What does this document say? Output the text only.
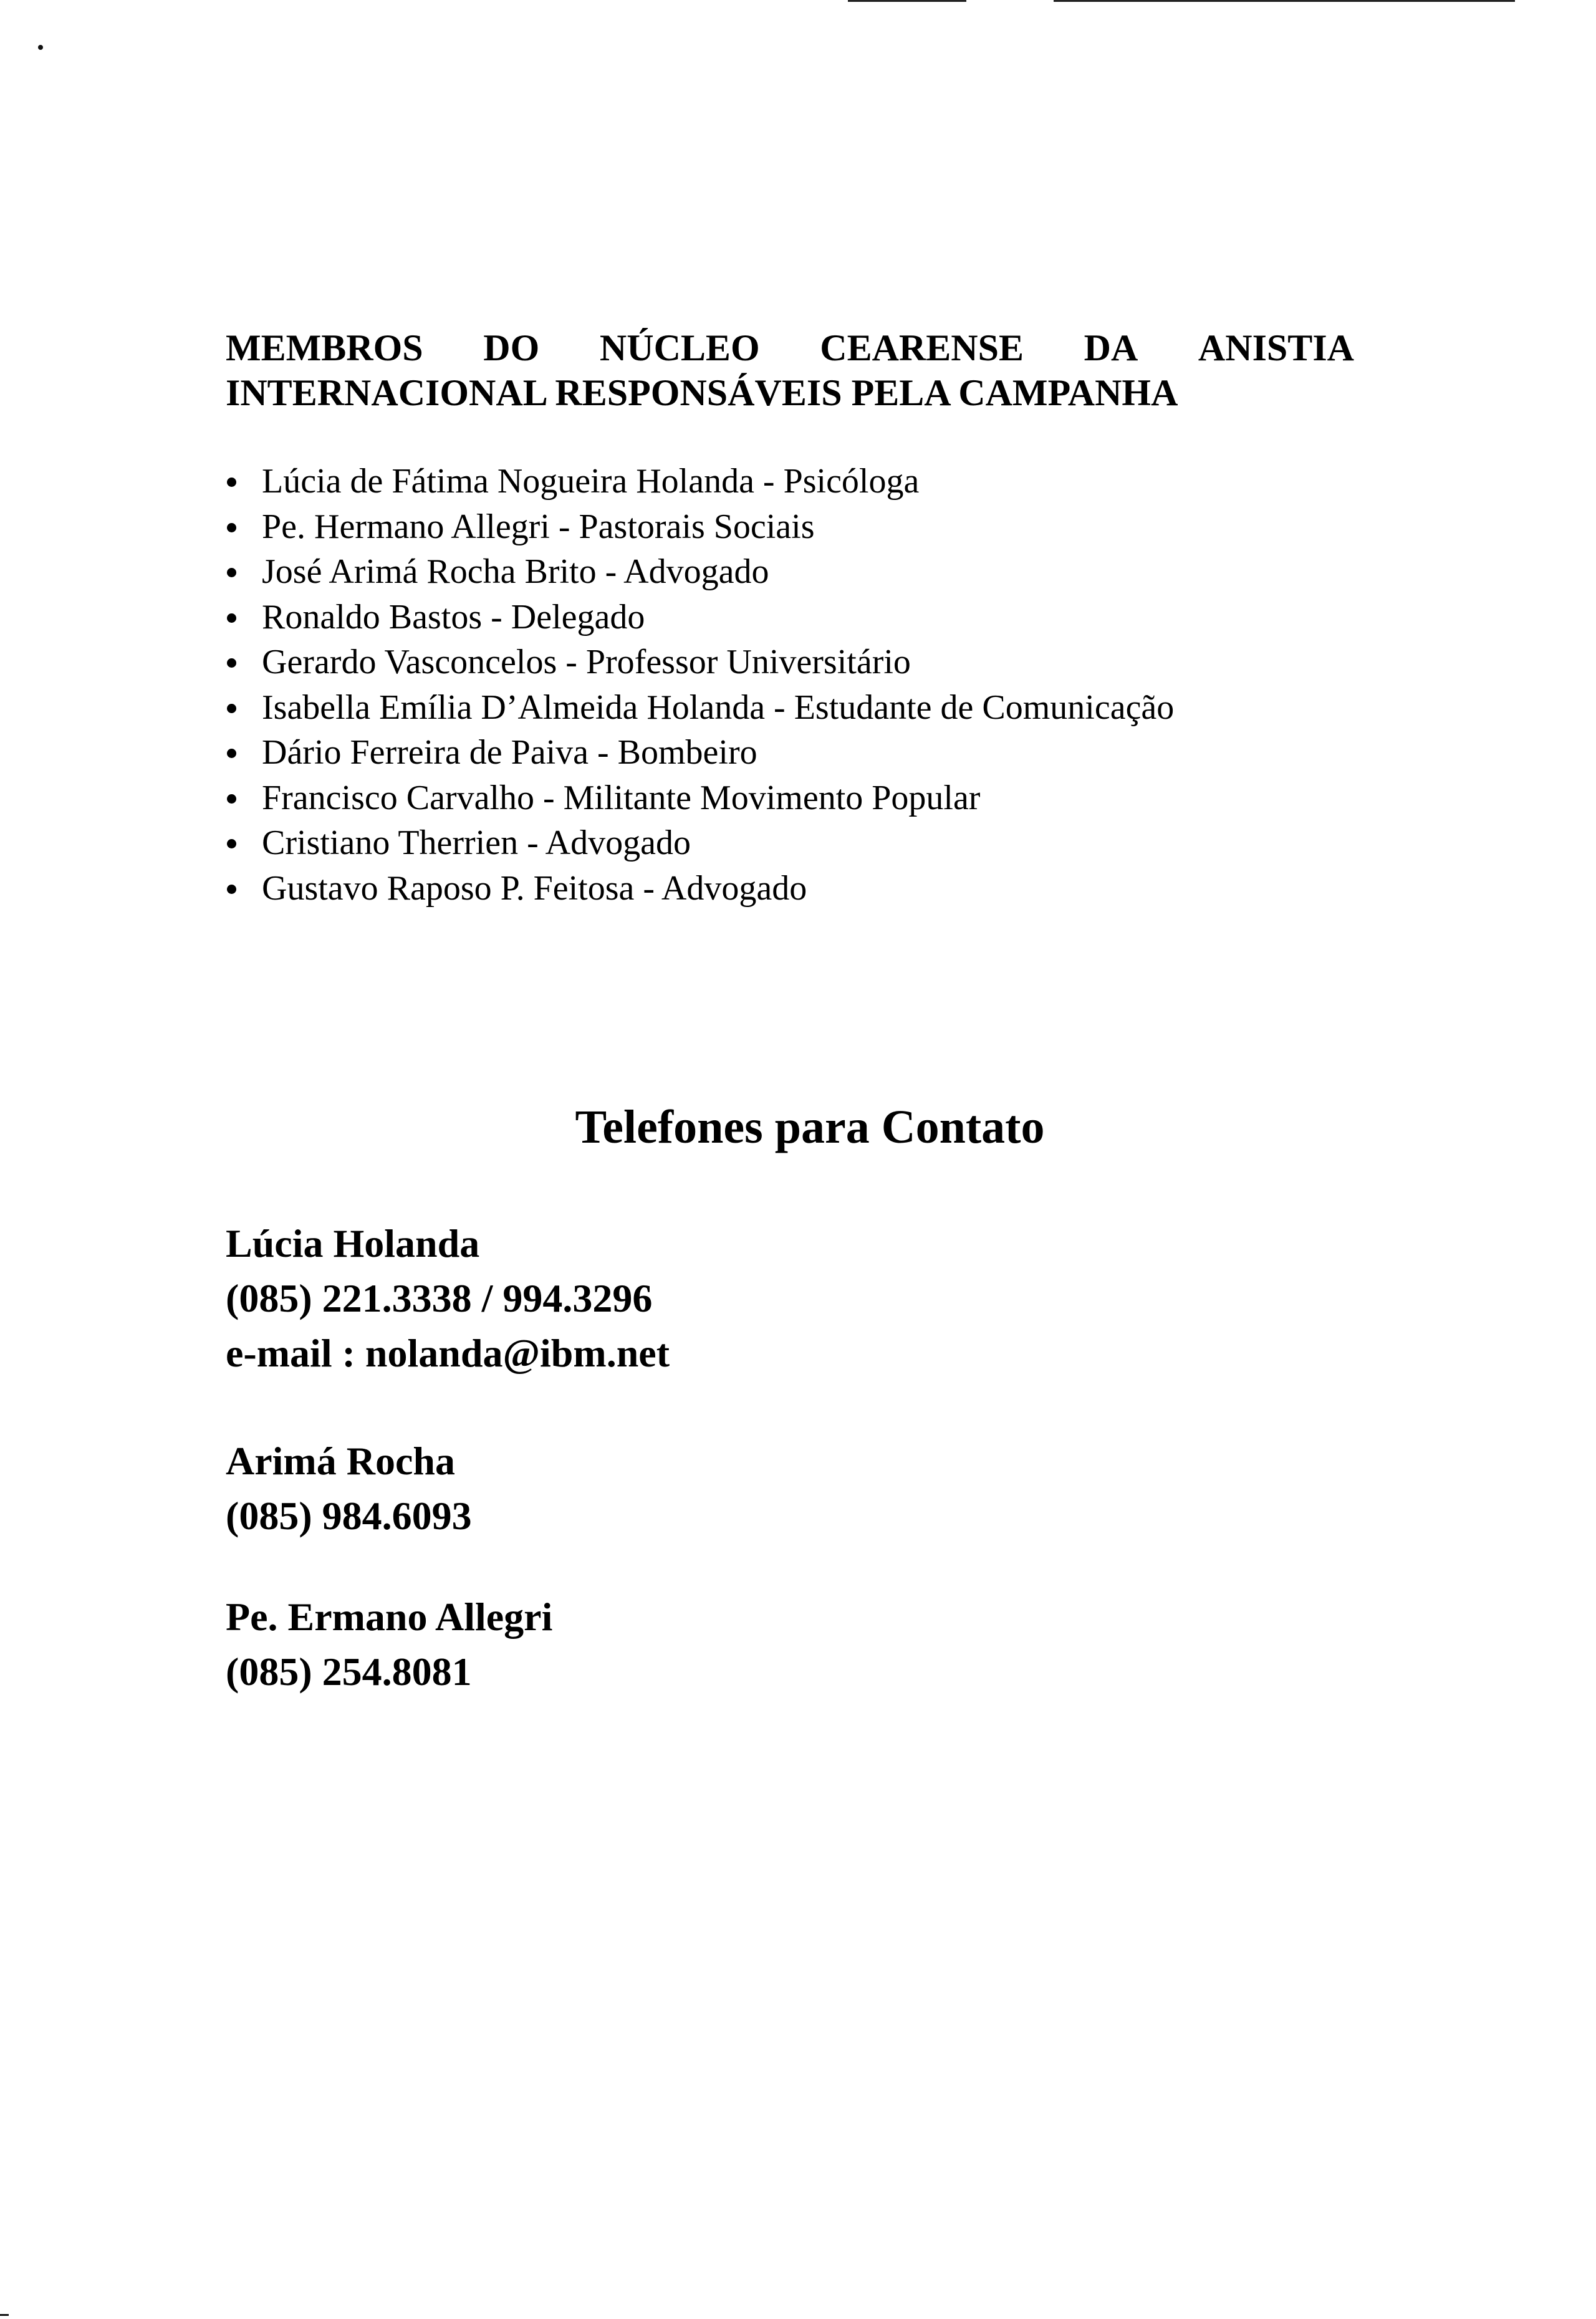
MEMBROS DO NÚCLEO CEARENSE DA ANISTIA
INTERNACIONAL RESPONSÁVEIS PELA CAMPANHA
Lúcia de Fátima Nogueira Holanda - Psicóloga
Pe. Hermano Allegri - Pastorais Sociais
José Arimá Rocha Brito - Advogado
Ronaldo Bastos - Delegado
Gerardo Vasconcelos - Professor Universitário
Isabella Emília D’Almeida Holanda - Estudante de Comunicação
Dário Ferreira de Paiva - Bombeiro
Francisco Carvalho - Militante Movimento Popular
Cristiano Therrien - Advogado
Gustavo Raposo P. Feitosa - Advogado
Telefones para Contato
Lúcia Holanda
(085) 221.3338 / 994.3296
e-mail : nolanda@ibm.net
Arimá Rocha
(085) 984.6093
Pe. Ermano Allegri
(085) 254.8081
